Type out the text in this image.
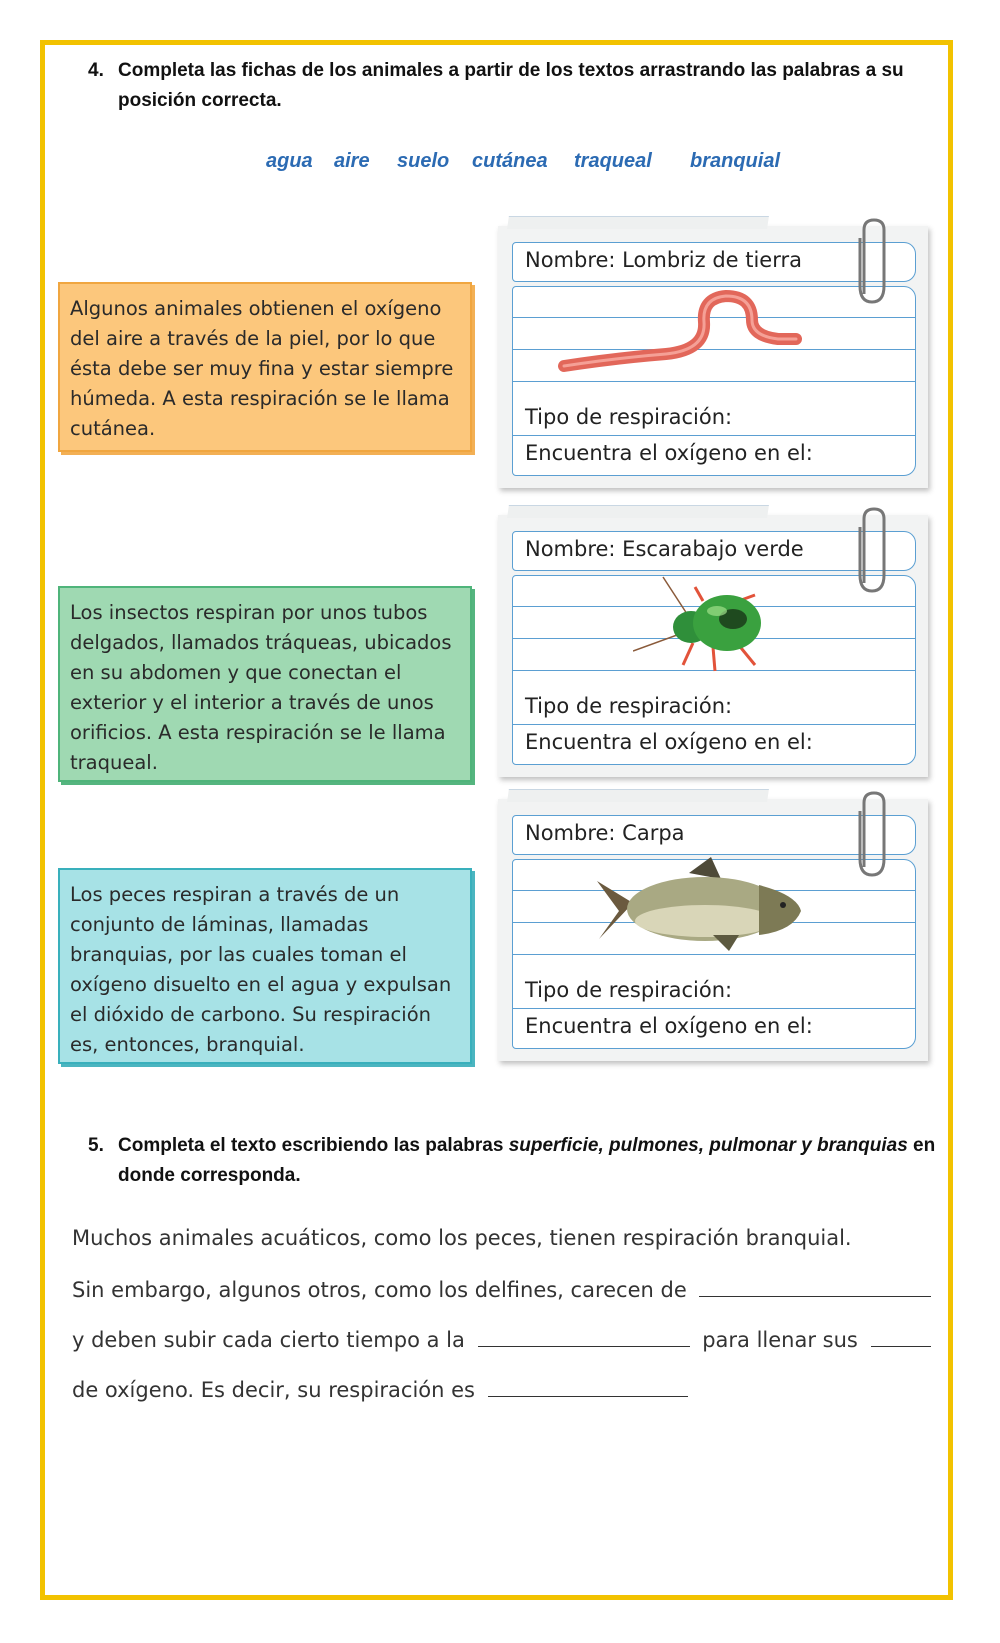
4. Completa las fichas de los animales a partir de los textos arrastrando las palabras a su posición correcta.
agua aire suelo cutánea traqueal branquial
Algunos animales obtienen el oxígeno del aire a través de la piel, por lo que ésta debe ser muy fina y estar siempre húmeda. A esta respiración se le llama cutánea.
Los insectos respiran por unos tubos delgados, llamados tráqueas, ubicados en su abdomen y que conectan el exterior y el interior a través de unos orificios. A esta respiración se le llama traqueal.
Los peces respiran a través de un conjunto de láminas, llamadas branquias, por las cuales toman el oxígeno disuelto en el agua y expulsan el dióxido de carbono. Su respiración es, entonces, branquial.
Nombre: Lombriz de tierra
Tipo de respiración:
Encuentra el oxígeno en el:
Nombre: Escarabajo verde
Tipo de respiración:
Encuentra el oxígeno en el:
Nombre: Carpa
Tipo de respiración:
Encuentra el oxígeno en el:
5. Completa el texto escribiendo las palabras superficie, pulmones, pulmonar y branquias en donde corresponda.
Muchos animales acuáticos, como los peces, tienen respiración branquial.
Sin embargo, algunos otros, como los delfines, carecen de
y deben subir cada cierto tiempo a la	para llenar sus
de oxígeno. Es decir, su respiración es
